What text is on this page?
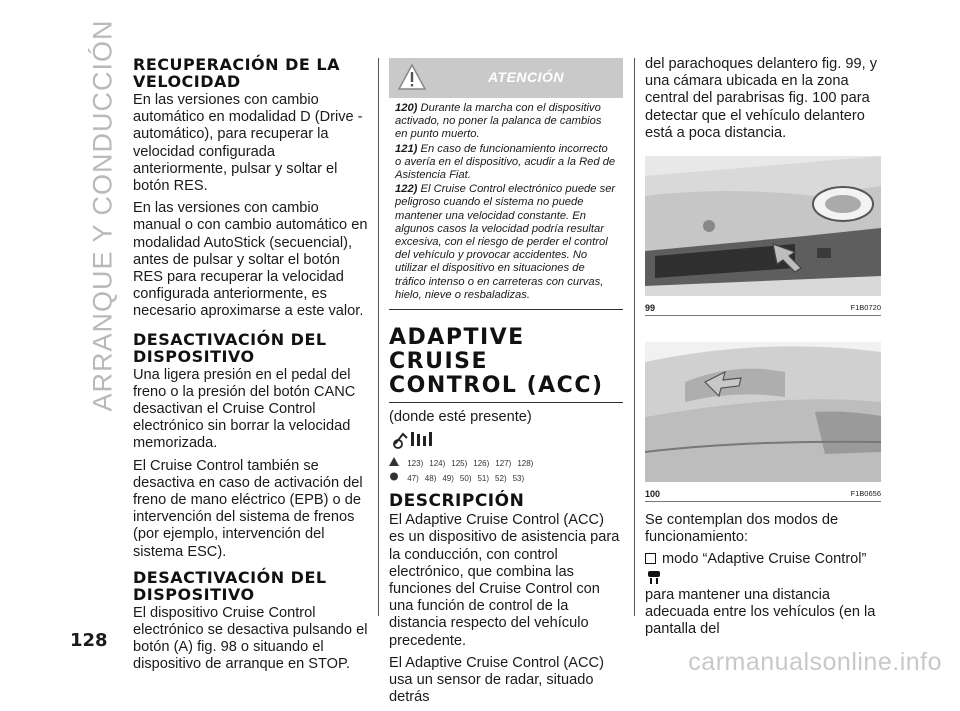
ARRANQUE Y CONDUCCIÓN RECUPERACIÓN DE LA VELOCIDAD

En las versiones con cambio automático en modalidad D (Drive - automático), para recuperar la velocidad configurada anteriormente, pulsar y soltar el botón RES.

En las versiones con cambio manual o con cambio automático en modalidad AutoStick (secuencial), antes de pulsar y soltar el botón RES para recuperar la velocidad configurada anteriormente, es necesario aproximarse a este valor.

DESACTIVACIÓN DEL DISPOSITIVO

Una ligera presión en el pedal del freno o la presión del botón CANC desactivan el Cruise Control electrónico sin borrar la velocidad memorizada.

El Cruise Control también se desactiva en caso de activación del freno de mano eléctrico (EPB) o de intervención del sistema de frenos (por ejemplo, intervención del sistema ESC).

DESACTIVACIÓN DEL DISPOSITIVO

El dispositivo Cruise Control electrónico se desactiva pulsando el botón (A) fig. 98 o situando el dispositivo de arranque en STOP.

ATENCIÓN
120) Durante la marcha con el dispositivo activado, no poner la palanca de cambios en punto muerto.
121) En caso de funcionamiento incorrecto o avería en el dispositivo, acudir a la Red de Asistencia Fiat.
122) El Cruise Control electrónico puede ser peligroso cuando el sistema no puede mantener una velocidad constante. En algunos casos la velocidad podría resultar excesiva, con el riesgo de perder el control del vehículo y provocar accidentes. No utilizar el dispositivo en situaciones de tráfico intenso o en carreteras con curvas, hielo, nieve o resbaladizas.
ADAPTIVE CRUISE CONTROL (ACC)

(donde esté presente)

123) 124) 125) 126) 127) 128)
47) 48) 49) 50) 51) 52) 53)
DESCRIPCIÓN

El Adaptive Cruise Control (ACC) es un dispositivo de asistencia para la conducción, con control electrónico, que combina las funciones del Cruise Control con una función de control de la distancia respecto del vehículo precedente.

El Adaptive Cruise Control (ACC) usa un sensor de radar, situado detrás

del parachoques delantero fig. 99, y una cámara ubicada en la zona central del parabrisas fig. 100 para detectar que el vehículo delantero está a poca distancia.

99	F1B0720
100	F1B0656

Se contemplan dos modos de funcionamiento:

modo “Adaptive Cruise Control”

para mantener una distancia adecuada entre los vehículos (en la pantalla del

128
carmanualsonline.info
